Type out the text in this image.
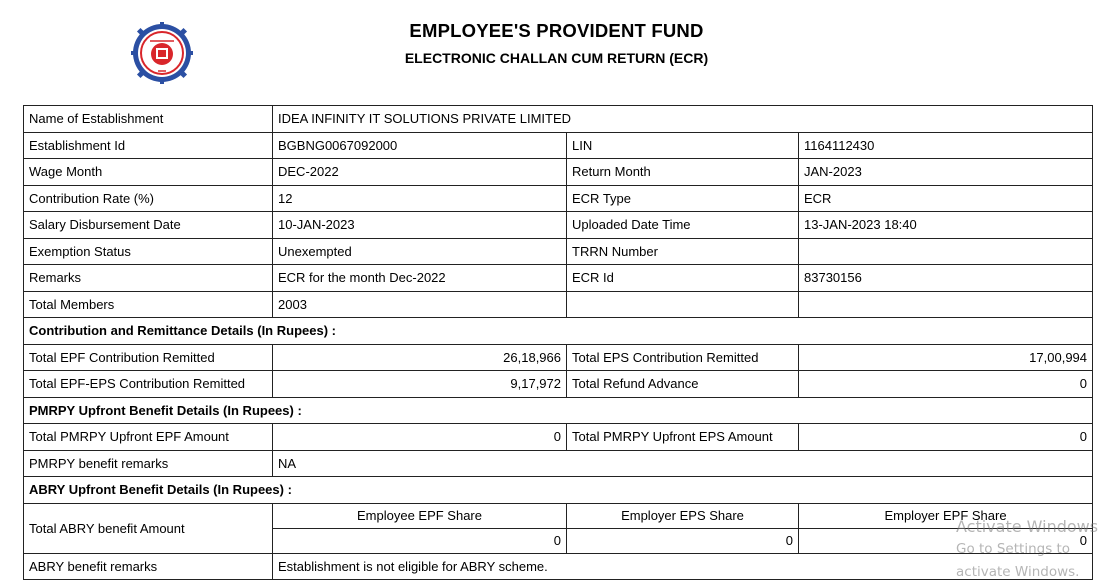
EMPLOYEE'S PROVIDENT FUND
ELECTRONIC CHALLAN CUM RETURN (ECR)
Name of Establishment	IDEA INFINITY IT SOLUTIONS PRIVATE LIMITED		
Establishment Id	BGBNG0067092000	LIN	1164112430
Wage Month	DEC-2022	Return Month	JAN-2023
Contribution Rate (%)	12	ECR Type	ECR
Salary Disbursement Date	10-JAN-2023	Uploaded Date Time	13-JAN-2023 18:40
Exemption Status	Unexempted	TRRN Number	
Remarks	ECR for the month Dec-2022	ECR Id	83730156
Total Members	2003		
Contribution and Remittance Details (In Rupees) :			
Total EPF Contribution Remitted	26,18,966	Total EPS Contribution Remitted	17,00,994
Total EPF-EPS Contribution Remitted	9,17,972	Total Refund Advance	0
PMRPY Upfront Benefit Details (In Rupees) :			
Total PMRPY Upfront EPF Amount	0	Total PMRPY Upfront EPS Amount	0
PMRPY benefit remarks	NA		
ABRY Upfront Benefit Details (In Rupees) :			
Total ABRY benefit Amount	Employee EPF Share	Employer EPS Share	Employer EPF Share
	0	0	0
ABRY benefit remarks	Establishment is not eligible for ABRY scheme.		
Activate Windows
Go to Settings to activate Windows.
